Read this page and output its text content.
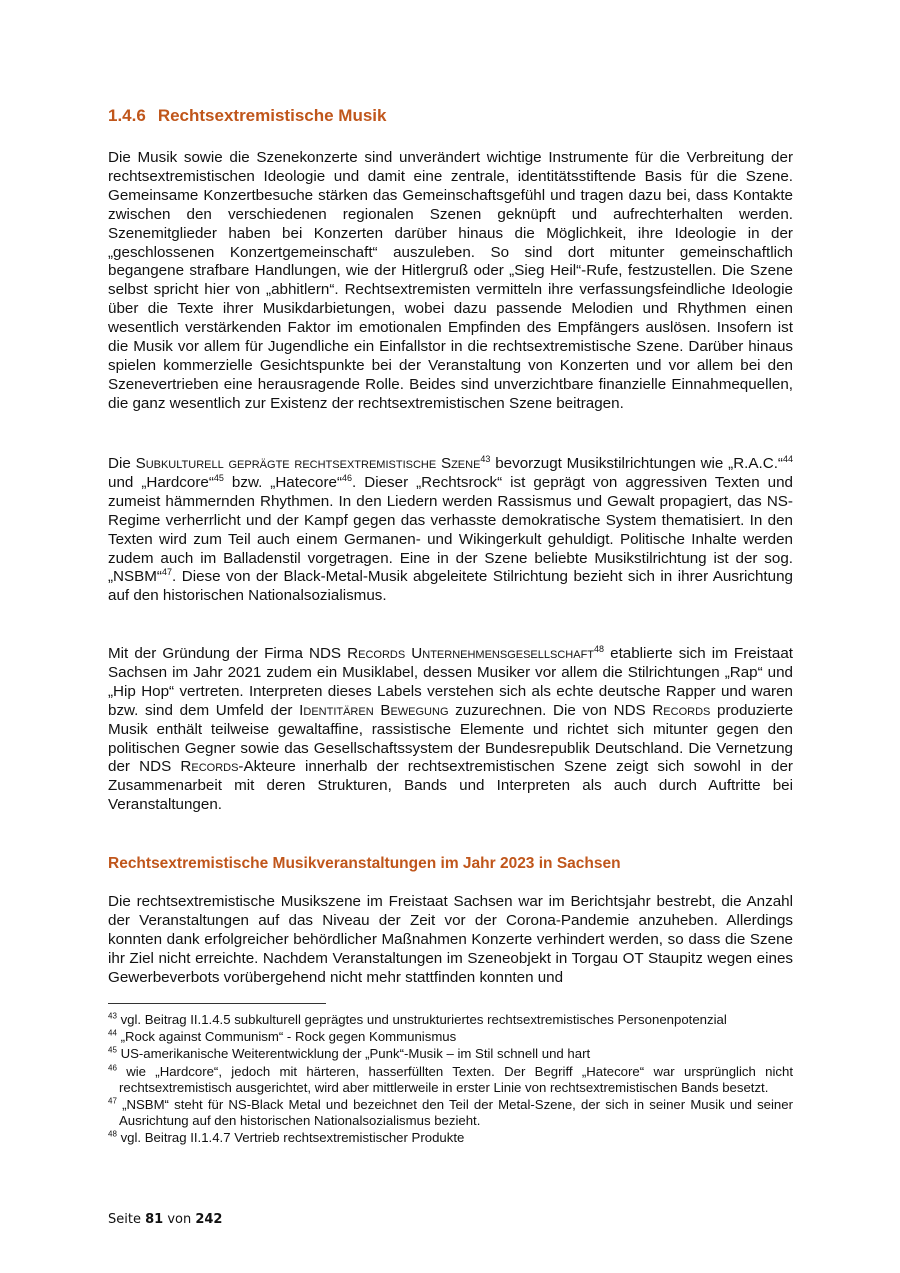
1.4.6 Rechtsextremistische Musik

Die Musik sowie die Szenekonzerte sind unverändert wichtige Instrumente für die Verbreitung der rechtsextremistischen Ideologie und damit eine zentrale, identitätsstiftende Basis für die Szene. Gemeinsame Konzertbesuche stärken das Gemeinschaftsgefühl und tragen dazu bei, dass Kontakte zwischen den verschiedenen regionalen Szenen geknüpft und aufrechterhalten werden. Szenemitglieder haben bei Konzerten darüber hinaus die Möglichkeit, ihre Ideologie in der „geschlossenen Konzertgemeinschaft“ auszuleben. So sind dort mitunter gemeinschaftlich begangene strafbare Handlungen, wie der Hitlergruß oder „Sieg Heil“-Rufe, festzustellen. Die Szene selbst spricht hier von „abhitlern“. Rechtsextremisten vermitteln ihre verfassungsfeindliche Ideologie über die Texte ihrer Musikdarbietungen, wobei dazu passende Melodien und Rhythmen einen wesentlich verstärkenden Faktor im emotionalen Empfinden des Empfängers auslösen. Insofern ist die Musik vor allem für Jugendliche ein Einfallstor in die rechtsextremistische Szene. Darüber hinaus spielen kommerzielle Gesichtspunkte bei der Veranstaltung von Konzerten und vor allem bei den Szenevertrieben eine herausragende Rolle. Beides sind unverzichtbare finanzielle Einnahmequellen, die ganz wesentlich zur Existenz der rechtsextremistischen Szene beitragen.

Die Subkulturell geprägte rechtsextremistische Szene$^{43}$ bevorzugt Musikstilrichtungen wie „R.A.C.“$^{44}$ und „Hardcore“$^{45}$ bzw. „Hatecore“$^{46}$. Dieser „Rechtsrock“ ist geprägt von aggressiven Texten und zumeist hämmernden Rhythmen. In den Liedern werden Rassismus und Gewalt propagiert, das NS-Regime verherrlicht und der Kampf gegen das verhasste demokratische System thematisiert. In den Texten wird zum Teil auch einem Germanen- und Wikingerkult gehuldigt. Politische Inhalte werden zudem auch im Balladenstil vorgetragen. Eine in der Szene beliebte Musikstilrichtung ist der sog. „NSBM“$^{47}$. Diese von der Black-Metal-Musik abgeleitete Stilrichtung bezieht sich in ihrer Ausrichtung auf den historischen Nationalsozialismus.

Mit der Gründung der Firma NDS Records Unternehmensgesellschaft$^{48}$ etablierte sich im Freistaat Sachsen im Jahr 2021 zudem ein Musiklabel, dessen Musiker vor allem die Stilrichtungen „Rap“ und „Hip Hop“ vertreten. Interpreten dieses Labels verstehen sich als echte deutsche Rapper und waren bzw. sind dem Umfeld der Identitären Bewegung zuzurechnen. Die von NDS Records produzierte Musik enthält teilweise gewaltaffine, rassistische Elemente und richtet sich mitunter gegen den politischen Gegner sowie das Gesellschaftssystem der Bundesrepublik Deutschland. Die Vernetzung der NDS Records-Akteure innerhalb der rechtsextremistischen Szene zeigt sich sowohl in der Zusammenarbeit mit deren Strukturen, Bands und Interpreten als auch durch Auftritte bei Veranstaltungen.

Rechtsextremistische Musikveranstaltungen im Jahr 2023 in Sachsen

Die rechtsextremistische Musikszene im Freistaat Sachsen war im Berichtsjahr bestrebt, die Anzahl der Veranstaltungen auf das Niveau der Zeit vor der Corona-Pandemie anzuheben. Allerdings konnten dank erfolgreicher behördlicher Maßnahmen Konzerte verhindert werden, so dass die Szene ihr Ziel nicht erreichte. Nachdem Veranstaltungen im Szeneobjekt in Torgau OT Staupitz wegen eines Gewerbeverbots vorübergehend nicht mehr stattfinden konnten und

$^{43}$ vgl. Beitrag II.1.4.5 subkulturell geprägtes und unstrukturiertes rechtsextremistisches Personenpotenzial
$^{44}$ „Rock against Communism“ - Rock gegen Kommunismus
$^{45}$ US-amerikanische Weiterentwicklung der „Punk“-Musik – im Stil schnell und hart
$^{46}$ wie „Hardcore“, jedoch mit härteren, hasserfüllten Texten. Der Begriff „Hatecore“ war ursprünglich nicht rechtsextremistisch ausgerichtet, wird aber mittlerweile in erster Linie von rechtsextremistischen Bands besetzt.
$^{47}$ „NSBM“ steht für NS-Black Metal und bezeichnet den Teil der Metal-Szene, der sich in seiner Musik und seiner Ausrichtung auf den historischen Nationalsozialismus bezieht.
$^{48}$ vgl. Beitrag II.1.4.7 Vertrieb rechtsextremistischer Produkte
Seite 81 von 242
